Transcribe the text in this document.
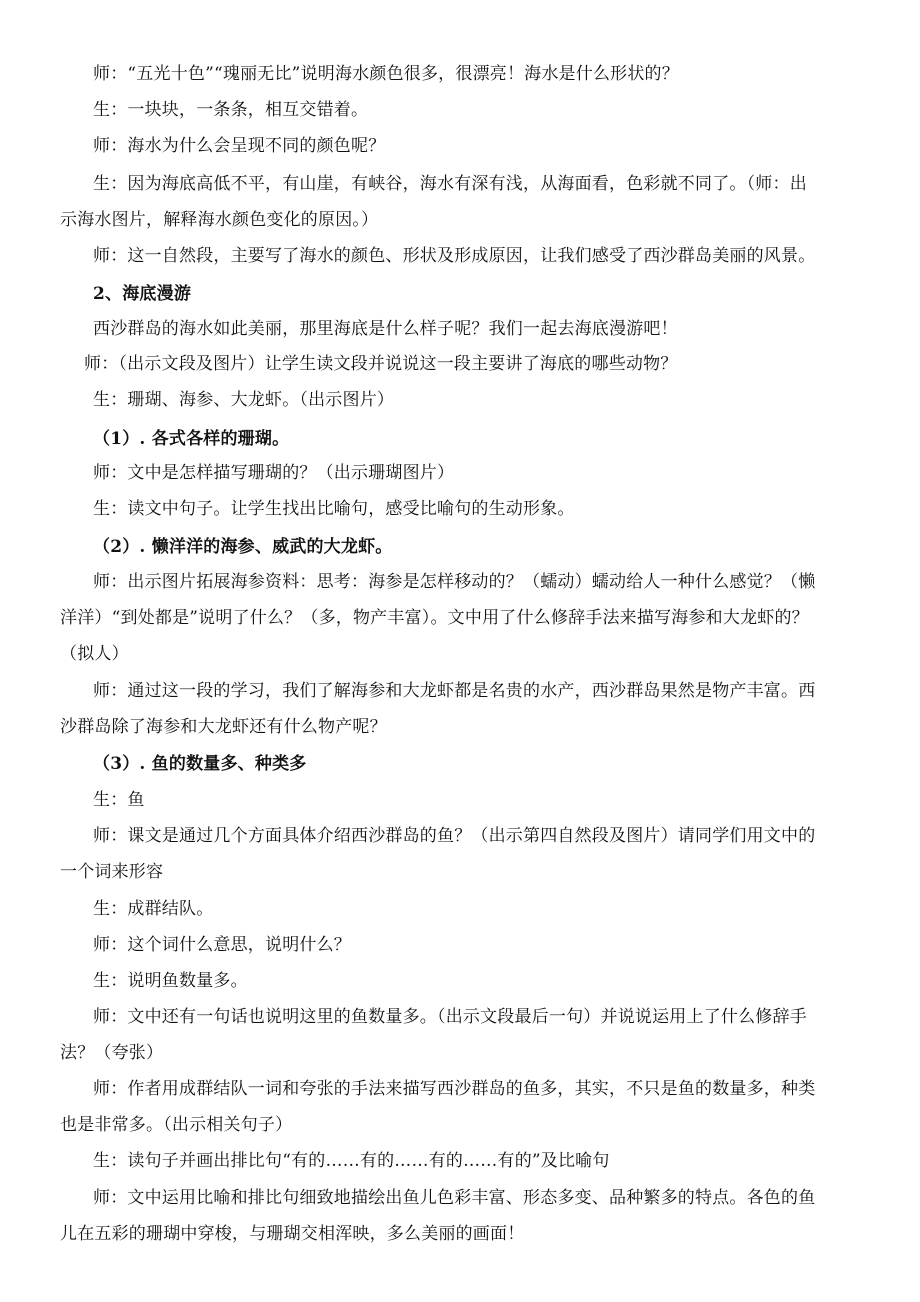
师：“五光十色”“瑰丽无比”说明海水颜色很多，很漂亮！海水是什么形状的？
生：一块块，一条条，相互交错着。
师：海水为什么会呈现不同的颜色呢？
生：因为海底高低不平，有山崖，有峡谷，海水有深有浅，从海面看，色彩就不同了。（师：出
示海水图片，解释海水颜色变化的原因。）
师：这一自然段，主要写了海水的颜色、形状及形成原因，让我们感受了西沙群岛美丽的风景。
2、海底漫游
西沙群岛的海水如此美丽，那里海底是什么样子呢？我们一起去海底漫游吧！
师：（出示文段及图片）让学生读文段并说说这一段主要讲了海底的哪些动物？
生：珊瑚、海参、大龙虾。（出示图片）
（1）. 各式各样的珊瑚。
师：文中是怎样描写珊瑚的？（出示珊瑚图片）
生：读文中句子。让学生找出比喻句，感受比喻句的生动形象。
（2）. 懒洋洋的海参、威武的大龙虾。
师：出示图片拓展海参资料：思考：海参是怎样移动的？（蠕动）蠕动给人一种什么感觉？（懒
洋洋）“到处都是”说明了什么？（多，物产丰富）。文中用了什么修辞手法来描写海参和大龙虾的？
（拟人）
师：通过这一段的学习，我们了解海参和大龙虾都是名贵的水产，西沙群岛果然是物产丰富。西
沙群岛除了海参和大龙虾还有什么物产呢？
（3）. 鱼的数量多、种类多
生：鱼
师：课文是通过几个方面具体介绍西沙群岛的鱼？（出示第四自然段及图片）请同学们用文中的
一个词来形容
生：成群结队。
师：这个词什么意思，说明什么？
生：说明鱼数量多。
师：文中还有一句话也说明这里的鱼数量多。（出示文段最后一句）并说说运用上了什么修辞手
法？（夸张）
师：作者用成群结队一词和夸张的手法来描写西沙群岛的鱼多，其实，不只是鱼的数量多，种类
也是非常多。（出示相关句子）
生：读句子并画出排比句“有的……有的……有的……有的”及比喻句
师：文中运用比喻和排比句细致地描绘出鱼儿色彩丰富、形态多变、品种繁多的特点。各色的鱼
儿在五彩的珊瑚中穿梭，与珊瑚交相浑映，多么美丽的画面！
